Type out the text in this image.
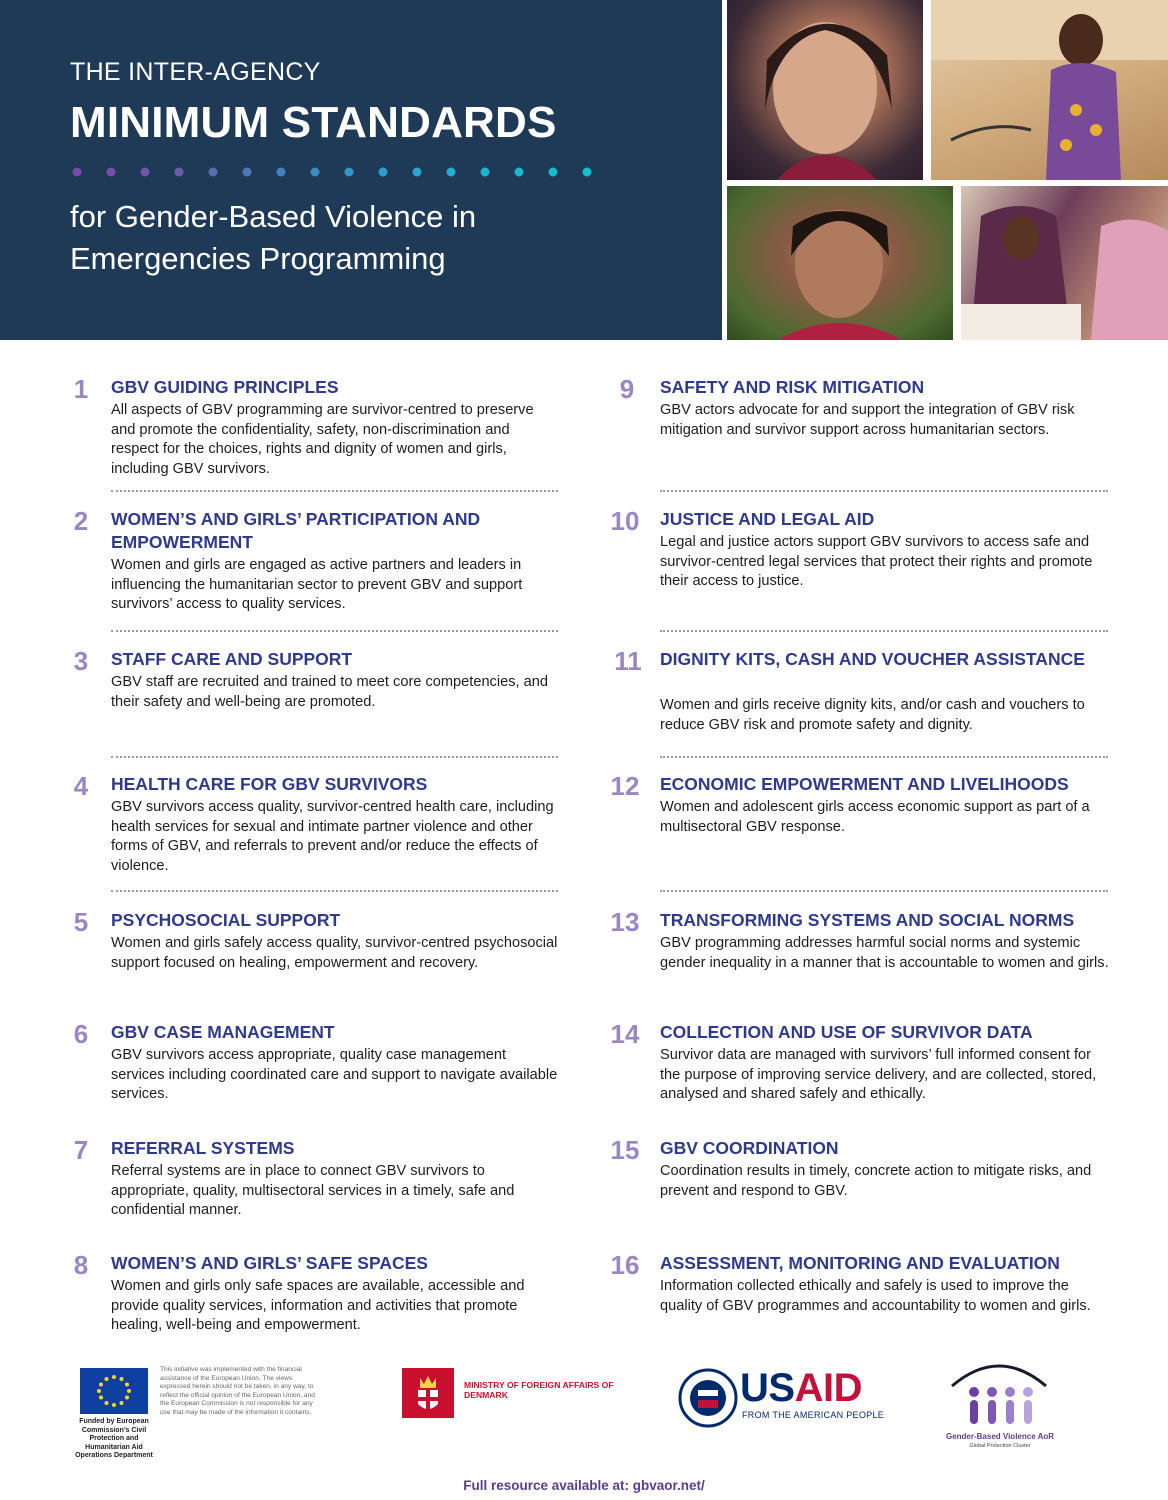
THE INTER-AGENCY
MINIMUM STANDARDS
for Gender-Based Violence in
Emergencies Programming
1	GBV GUIDING PRINCIPLES
All aspects of GBV programming are survivor-centred to preserve and promote the confidentiality, safety, non-discrimination and respect for the choices, rights and dignity of women and girls, including GBV survivors.
2	WOMEN’S AND GIRLS’ PARTICIPATION AND EMPOWERMENT
Women and girls are engaged as active partners and leaders in influencing the humanitarian sector to prevent GBV and support survivors’ access to quality services.
3	STAFF CARE AND SUPPORT
GBV staff are recruited and trained to meet core competencies, and their safety and well-being are promoted.
4	HEALTH CARE FOR GBV SURVIVORS
GBV survivors access quality, survivor-centred health care, including health services for sexual and intimate partner violence and other forms of GBV, and referrals to prevent and/or reduce the effects of violence.
5	PSYCHOSOCIAL SUPPORT
Women and girls safely access quality, survivor-centred psychosocial support focused on healing, empowerment and recovery.
6	GBV CASE MANAGEMENT
GBV survivors access appropriate, quality case management services including coordinated care and support to navigate available services.
7	REFERRAL SYSTEMS
Referral systems are in place to connect GBV survivors to appropriate, quality, multisectoral services in a timely, safe and confidential manner.
8	WOMEN’S AND GIRLS’ SAFE SPACES
Women and girls only safe spaces are available, accessible and provide quality services, information and activities that promote healing, well-being and empowerment.
9	SAFETY AND RISK MITIGATION
GBV actors advocate for and support the integration of GBV risk mitigation and survivor support across humanitarian sectors.
10	JUSTICE AND LEGAL AID
Legal and justice actors support GBV survivors to access safe and survivor-centred legal services that protect their rights and promote their access to justice.
11	DIGNITY KITS, CASH AND VOUCHER ASSISTANCE
Women and girls receive dignity kits, and/or cash and vouchers to reduce GBV risk and promote safety and dignity.
12	ECONOMIC EMPOWERMENT AND LIVELIHOODS
Women and adolescent girls access economic support as part of a multisectoral GBV response.
13	TRANSFORMING SYSTEMS AND SOCIAL NORMS
GBV programming addresses harmful social norms and systemic gender inequality in a manner that is accountable to women and girls.
14	COLLECTION AND USE OF SURVIVOR DATA
Survivor data are managed with survivors’ full informed consent for the purpose of improving service delivery, and are collected, stored, analysed and shared safely and ethically.
15	GBV COORDINATION
Coordination results in timely, concrete action to mitigate risks, and prevent and respond to GBV.
16	ASSESSMENT, MONITORING AND EVALUATION
Information collected ethically and safely is used to improve the quality of GBV programmes and accountability to women and girls.
Funded by European Commission’s Civil Protection and Humanitarian Aid Operations Department
This initiative was implemented with the financial assistance of the European Union. The views expressed herein should not be taken, in any way, to reflect the official opinion of the European Union, and the European Commission is not responsible for any use that may be made of the information it contains.
MINISTRY OF FOREIGN AFFAIRS OF DENMARK	USAID
FROM THE AMERICAN PEOPLE
Gender-Based Violence AoR
Global Protection Cluster
Full resource available at: gbvaor.net/
